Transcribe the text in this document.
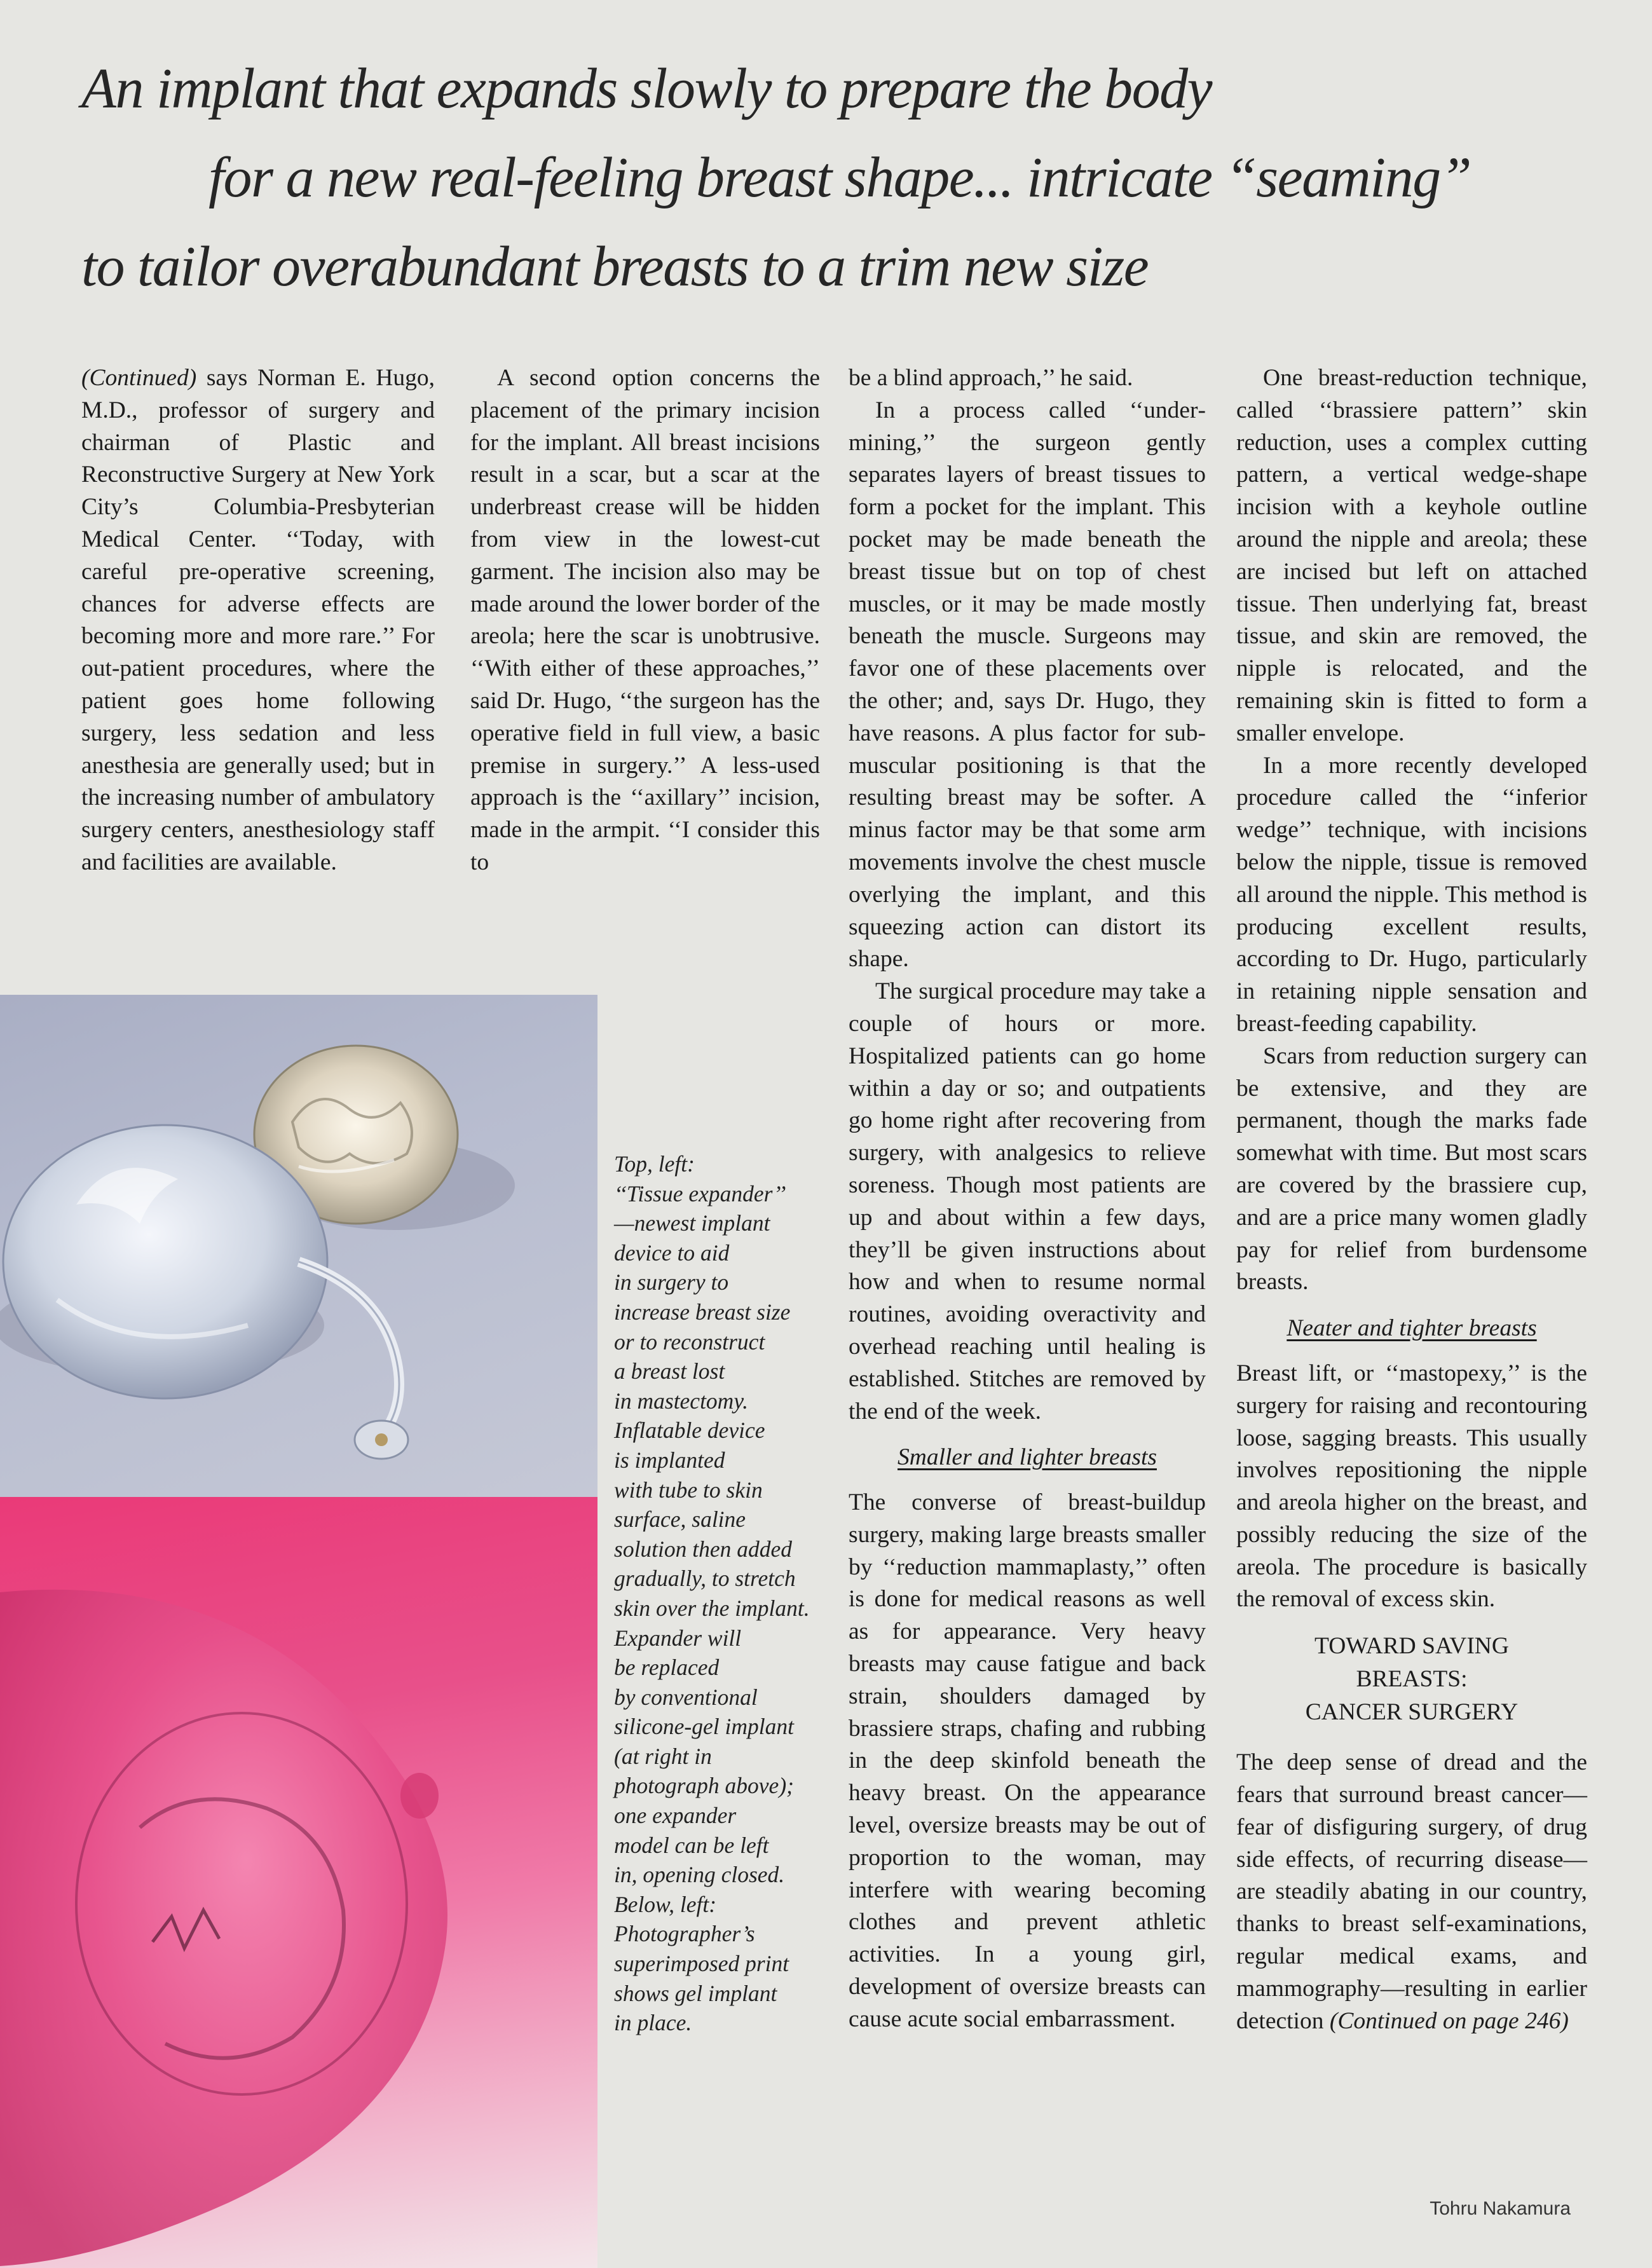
An implant that expands slowly to prepare the body
for a new real-feeling breast shape... intricate “seaming”
to tailor overabundant breasts to a trim new size

(Continued) says Norman E. Hugo, M.D., professor of surgery and chairman of Plastic and Reconstructive Surgery at New York City’s Columbia-Presbyterian Medical Center. ‘‘Today, with careful pre-operative screening, chances for adverse effects are becoming more and more rare.’’ For out-patient procedures, where the patient goes home following surgery, less sedation and less anesthesia are generally used; but in the increasing number of ambulatory surgery centers, anesthesiology staff and facilities are available.

A second option concerns the placement of the primary incision for the implant. All breast incisions result in a scar, but a scar at the underbreast crease will be hidden from view in the lowest-cut garment. The incision also may be made around the lower border of the areola; here the scar is unobtrusive. ‘‘With either of these approaches,’’ said Dr. Hugo, ‘‘the surgeon has the operative field in full view, a basic premise in surgery.’’ A less-used approach is the ‘‘axillary’’ incision, made in the armpit. ‘‘I consider this to

be a blind approach,’’ he said.

In a process called ‘‘undermining,’’ the surgeon gently separates layers of breast tissues to form a pocket for the implant. This pocket may be made beneath the breast tissue but on top of chest muscles, or it may be made mostly beneath the muscle. Surgeons may favor one of these placements over the other; and, says Dr. Hugo, they have reasons. A plus factor for submuscular positioning is that the resulting breast may be softer. A minus factor may be that some arm movements involve the chest muscle overlying the implant, and this squeezing action can distort its shape.

The surgical procedure may take a couple of hours or more. Hospitalized patients can go home within a day or so; and outpatients go home right after recovering from surgery, with analgesics to relieve soreness. Though most patients are up and about within a few days, they’ll be given instructions about how and when to resume normal routines, avoiding overactivity and overhead reaching until healing is established. Stitches are removed by the end of the week.

Smaller and lighter breasts

The converse of breast-buildup surgery, making large breasts smaller by ‘‘reduction mammaplasty,’’ often is done for medical reasons as well as for appearance. Very heavy breasts may cause fatigue and back strain, shoulders damaged by brassiere straps, chafing and rubbing in the deep skinfold beneath the heavy breast. On the appearance level, oversize breasts may be out of proportion to the woman, may interfere with wearing becoming clothes and prevent athletic activities. In a young girl, development of oversize breasts can cause acute social embarrassment.

One breast-reduction technique, called ‘‘brassiere pattern’’ skin reduction, uses a complex cutting pattern, a vertical wedge-shape incision with a keyhole outline around the nipple and areola; these are incised but left on attached tissue. Then underlying fat, breast tissue, and skin are removed, the nipple is relocated, and the remaining skin is fitted to form a smaller envelope.

In a more recently developed procedure called the ‘‘inferior wedge’’ technique, with incisions below the nipple, tissue is removed all around the nipple. This method is producing excellent results, according to Dr. Hugo, particularly in retaining nipple sensation and breast-feeding capability.

Scars from reduction surgery can be extensive, and they are permanent, though the marks fade somewhat with time. But most scars are covered by the brassiere cup, and are a price many women gladly pay for relief from burdensome breasts.

Neater and tighter breasts

Breast lift, or ‘‘mastopexy,’’ is the surgery for raising and recontouring loose, sagging breasts. This usually involves repositioning the nipple and areola higher on the breast, and possibly reducing the size of the areola. The procedure is basically the removal of excess skin.

TOWARD SAVING
BREASTS:
CANCER SURGERY

The deep sense of dread and the fears that surround breast cancer—fear of disfiguring surgery, of drug side effects, of recurring disease—are steadily abating in our country, thanks to breast self-examinations, regular medical exams, and mammography—resulting in earlier detection (Continued on page 246)

Top, left:
‘‘Tissue expander’’
—newest implant
device to aid
in surgery to
increase breast size
or to reconstruct
a breast lost
in mastectomy.
Inflatable device
is implanted
with tube to skin
surface, saline
solution then added
gradually, to stretch
skin over the implant.
Expander will
be replaced
by conventional
silicone-gel implant
(at right in
photograph above);
one expander
model can be left
in, opening closed.
Below, left:
Photographer’s
superimposed print
shows gel implant
in place.
Tohru Nakamura
